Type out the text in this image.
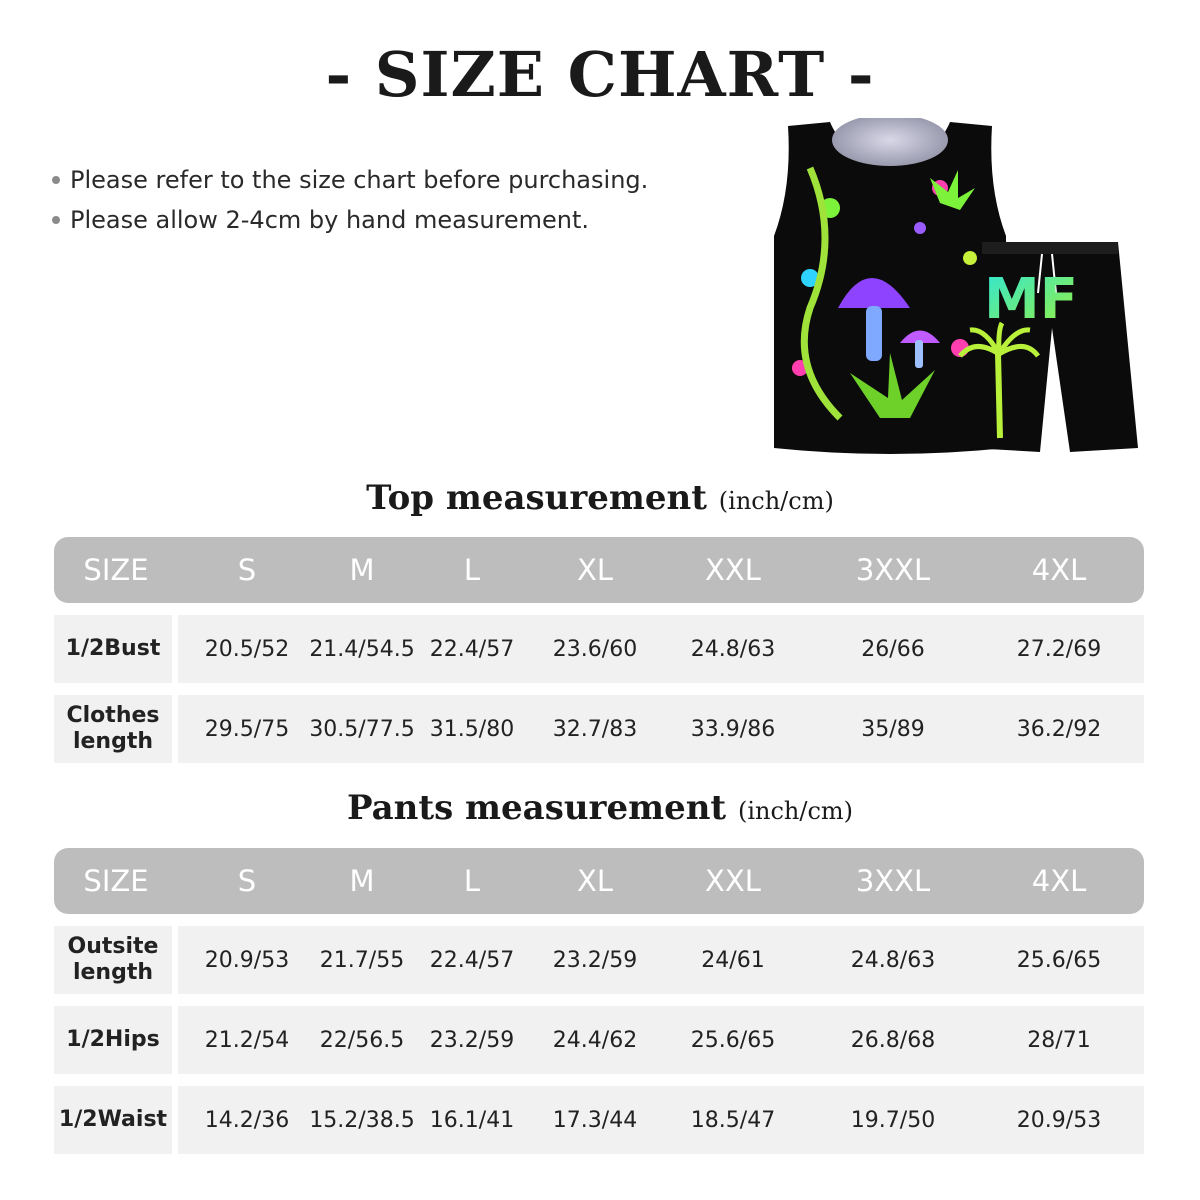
- SIZE CHART -
Please refer to the size chart before purchasing.
Please allow 2-4cm by hand measurement.
MF
Top measurement (inch/cm)
SIZE	S	M	L	XL	XXL	3XXL	4XL
1/2Bust	20.5/52 21.4/54.5 22.4/57	23.6/60	24.8/63	26/66	27.2/69
Clothes
length	29.5/75 30.5/77.5 31.5/80	32.7/83	33.9/86	35/89	36.2/92
Pants measurement (inch/cm)
SIZE	S	M	L	XL	XXL	3XXL	4XL
Outsite
length	20.9/53	21.7/55	22.4/57	23.2/59	24/61	24.8/63	25.6/65
1/2Hips	21.2/54	22/56.5	23.2/59	24.4/62	25.6/65	26.8/68	28/71
1/2Waist	14.2/36 15.2/38.5 16.1/41	17.3/44	18.5/47	19.7/50	20.9/53
